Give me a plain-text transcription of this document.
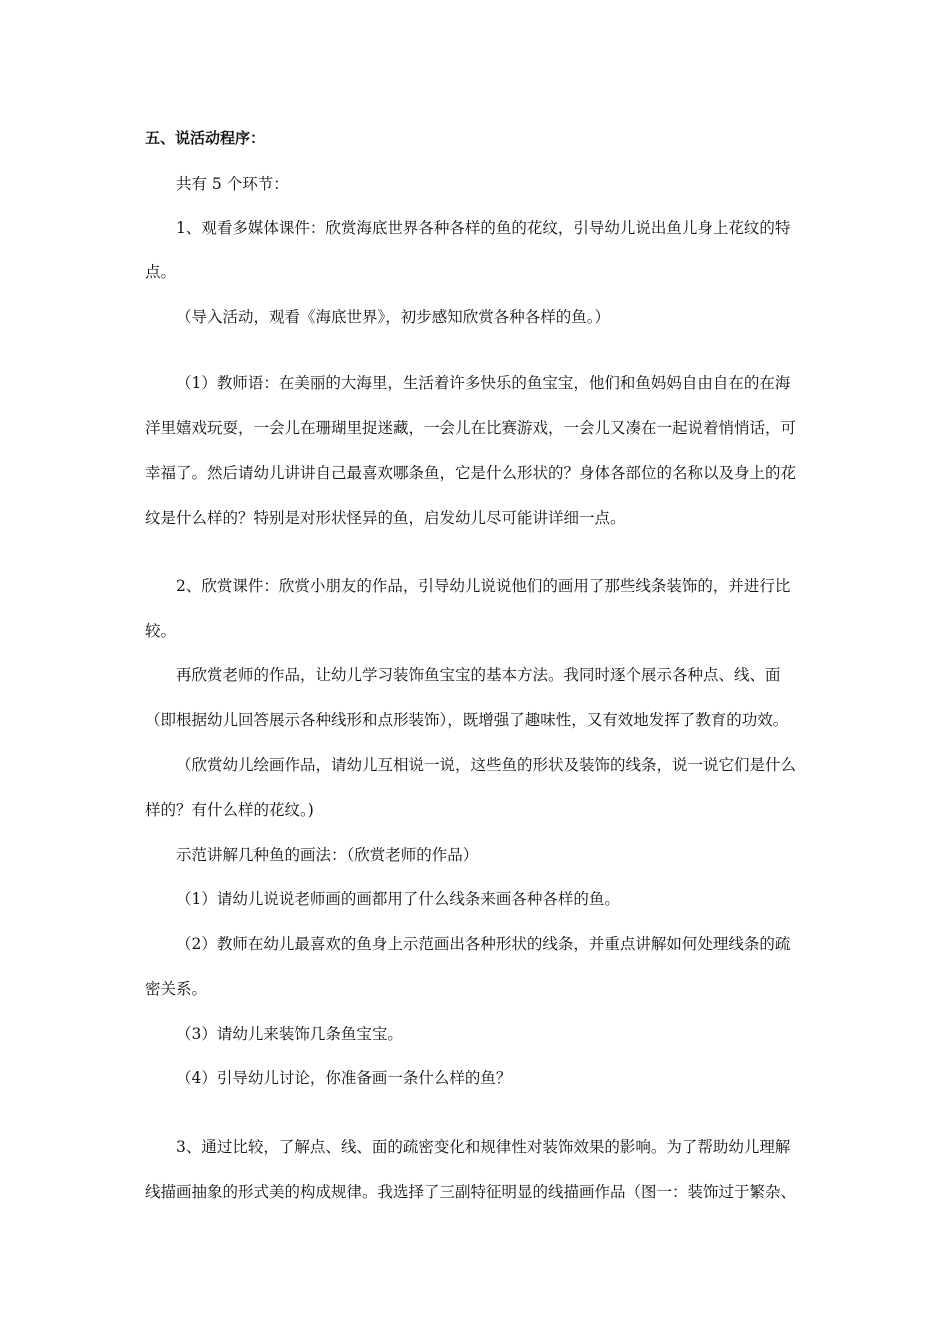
五、说活动程序：
共有 5 个环节：
1、观看多媒体课件：欣赏海底世界各种各样的鱼的花纹，引导幼儿说出鱼儿身上花纹的特
点。
（导入活动，观看《海底世界》，初步感知欣赏各种各样的鱼。）
（1）教师语：在美丽的大海里，生活着许多快乐的鱼宝宝，他们和鱼妈妈自由自在的在海
洋里嬉戏玩耍，一会儿在珊瑚里捉迷藏，一会儿在比赛游戏，一会儿又凑在一起说着悄悄话，可
幸福了。然后请幼儿讲讲自己最喜欢哪条鱼，它是什么形状的？身体各部位的名称以及身上的花
纹是什么样的？特别是对形状怪异的鱼，启发幼儿尽可能讲详细一点。
2、欣赏课件：欣赏小朋友的作品，引导幼儿说说他们的画用了那些线条装饰的，并进行比
较。
再欣赏老师的作品，让幼儿学习装饰鱼宝宝的基本方法。我同时逐个展示各种点、线、面
（即根据幼儿回答展示各种线形和点形装饰），既增强了趣味性，又有效地发挥了教育的功效。
（欣赏幼儿绘画作品，请幼儿互相说一说，这些鱼的形状及装饰的线条，说一说它们是什么
样的？有什么样的花纹。)
示范讲解几种鱼的画法：（欣赏老师的作品）
（1）请幼儿说说老师画的画都用了什么线条来画各种各样的鱼。
（2）教师在幼儿最喜欢的鱼身上示范画出各种形状的线条，并重点讲解如何处理线条的疏
密关系。
（3）请幼儿来装饰几条鱼宝宝。
（4）引导幼儿讨论，你准备画一条什么样的鱼？
3、通过比较，了解点、线、面的疏密变化和规律性对装饰效果的影响。为了帮助幼儿理解
线描画抽象的形式美的构成规律。我选择了三副特征明显的线描画作品（图一：装饰过于繁杂、
